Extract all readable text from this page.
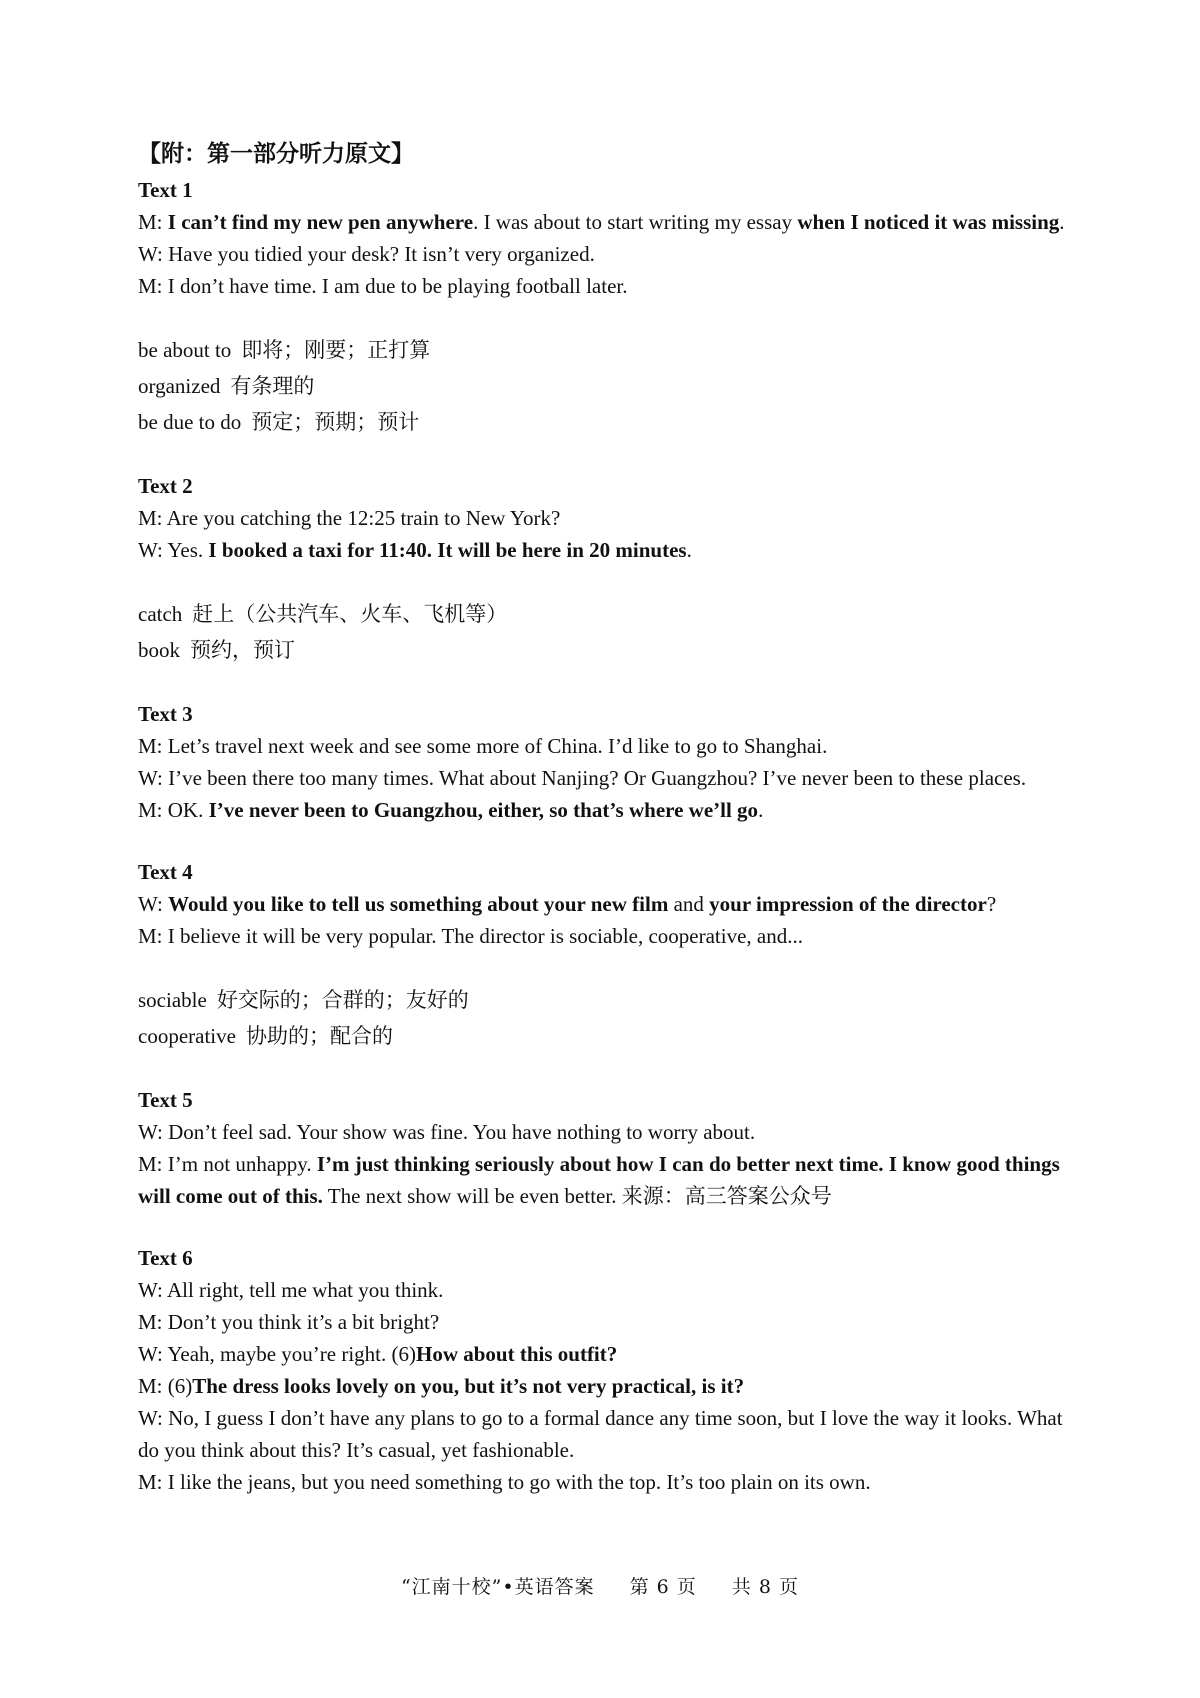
【附：第一部分听力原文】
Text 1
M: I can’t find my new pen anywhere. I was about to start writing my essay when I noticed it was missing.
W: Have you tidied your desk? It isn’t very organized.
M: I don’t have time. I am due to be playing football later.
be about to 即将；刚要；正打算
organized 有条理的
be due to do 预定；预期；预计
Text 2
M: Are you catching the 12:25 train to New York?
W: Yes. I booked a taxi for 11:40. It will be here in 20 minutes.
catch 赶上（公共汽车、火车、飞机等）
book 预约，预订
Text 3
M: Let’s travel next week and see some more of China. I’d like to go to Shanghai.
W: I’ve been there too many times. What about Nanjing? Or Guangzhou? I’ve never been to these places.
M: OK. I’ve never been to Guangzhou, either, so that’s where we’ll go.
Text 4
W: Would you like to tell us something about your new film and your impression of the director?
M: I believe it will be very popular. The director is sociable, cooperative, and...
sociable 好交际的；合群的；友好的
cooperative 协助的；配合的
Text 5
W: Don’t feel sad. Your show was fine. You have nothing to worry about.
M: I’m not unhappy. I’m just thinking seriously about how I can do better next time. I know good things will come out of this. The next show will be even better. 来源：高三答案公众号
Text 6
W: All right, tell me what you think.
M: Don’t you think it’s a bit bright?
W: Yeah, maybe you’re right. (6)How about this outfit?
M: (6)The dress looks lovely on you, but it’s not very practical, is it?
W: No, I guess I don’t have any plans to go to a formal dance any time soon, but I love the way it looks. What do you think about this? It’s casual, yet fashionable.
M: I like the jeans, but you need something to go with the top. It’s too plain on its own.
“江南十校”•英语答案 第 6 页 共 8 页
